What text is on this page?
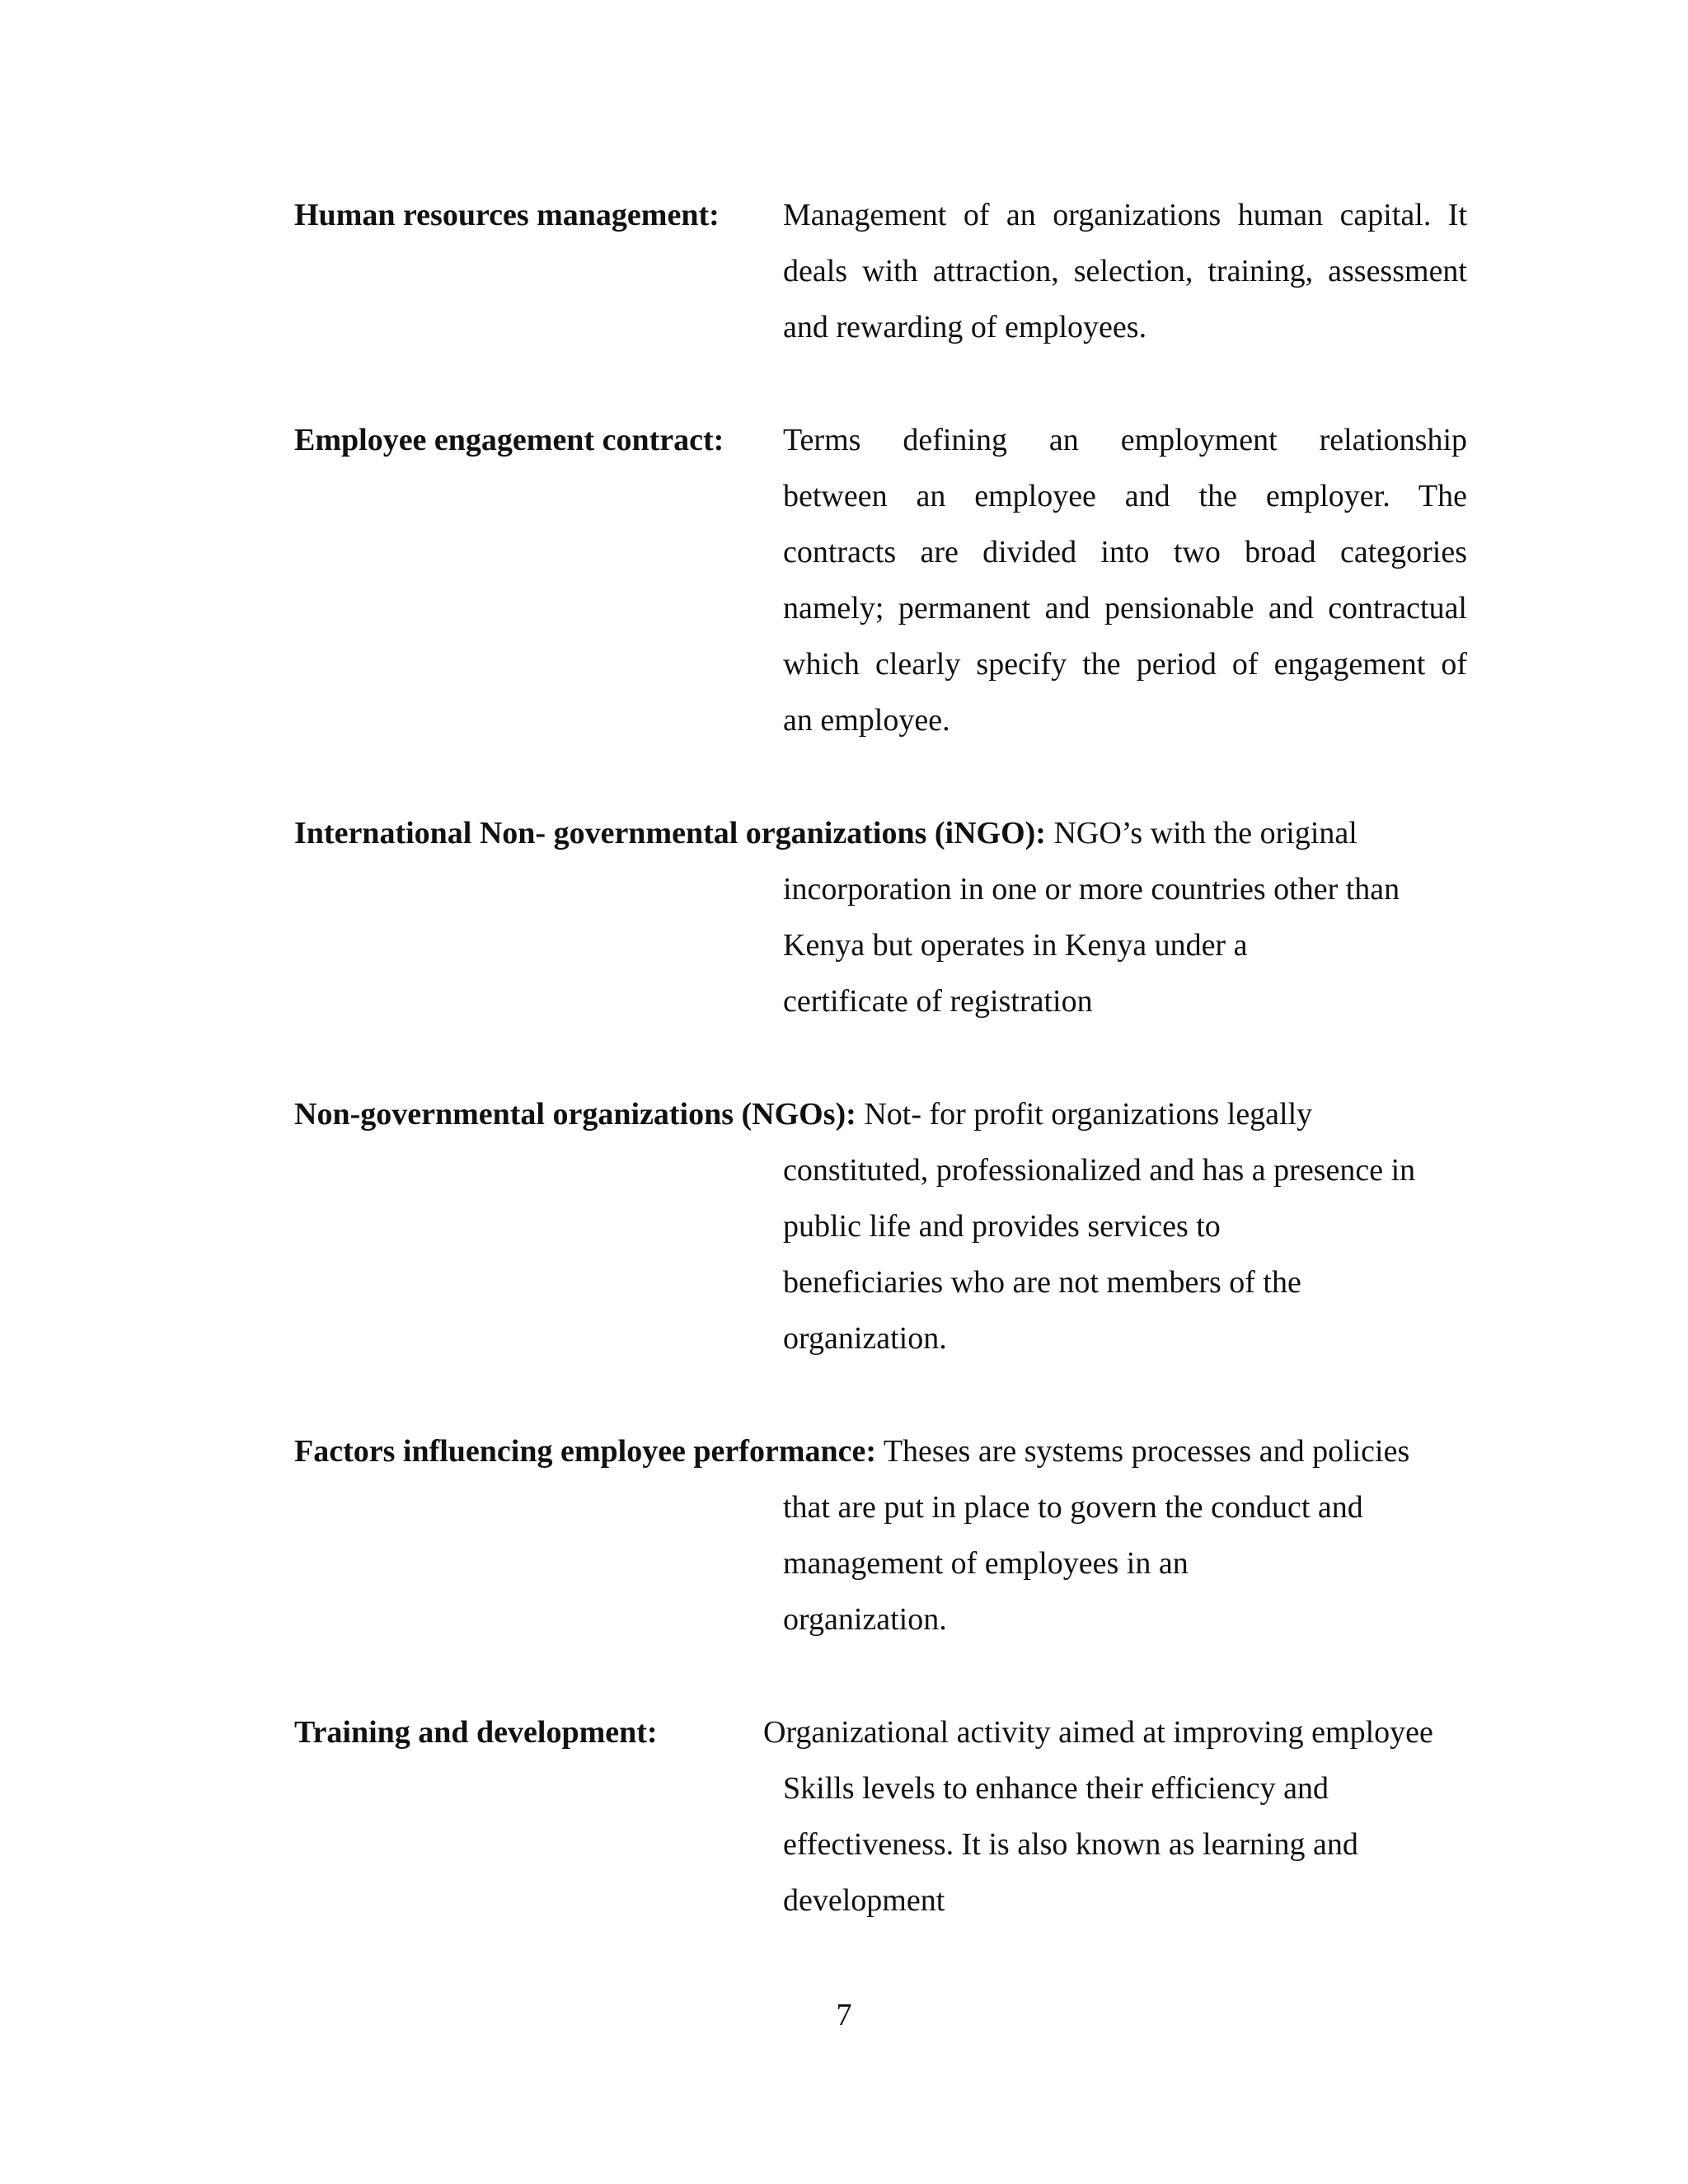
Human resources management: Management of an organizations human capital. It
deals with attraction, selection, training, assessment
and rewarding of employees.
Employee engagement contract: Terms defining an employment relationship
between an employee and the employer. The
contracts are divided into two broad categories
namely; permanent and pensionable and contractual
which clearly specify the period of engagement of
an employee.
International Non- governmental organizations (iNGO): NGO’s with the original
incorporation in one or more countries other than
Kenya but operates in Kenya under a
certificate of registration
Non-governmental organizations (NGOs): Not- for profit organizations legally
constituted, professionalized and has a presence in
public life and provides services to
beneficiaries who are not members of the
organization.
Factors influencing employee performance: Theses are systems processes and policies
that are put in place to govern the conduct and
management of employees in an
organization.
Training and development:	Organizational activity aimed at improving employee
Skills levels to enhance their efficiency and
effectiveness. It is also known as learning and
development
7
